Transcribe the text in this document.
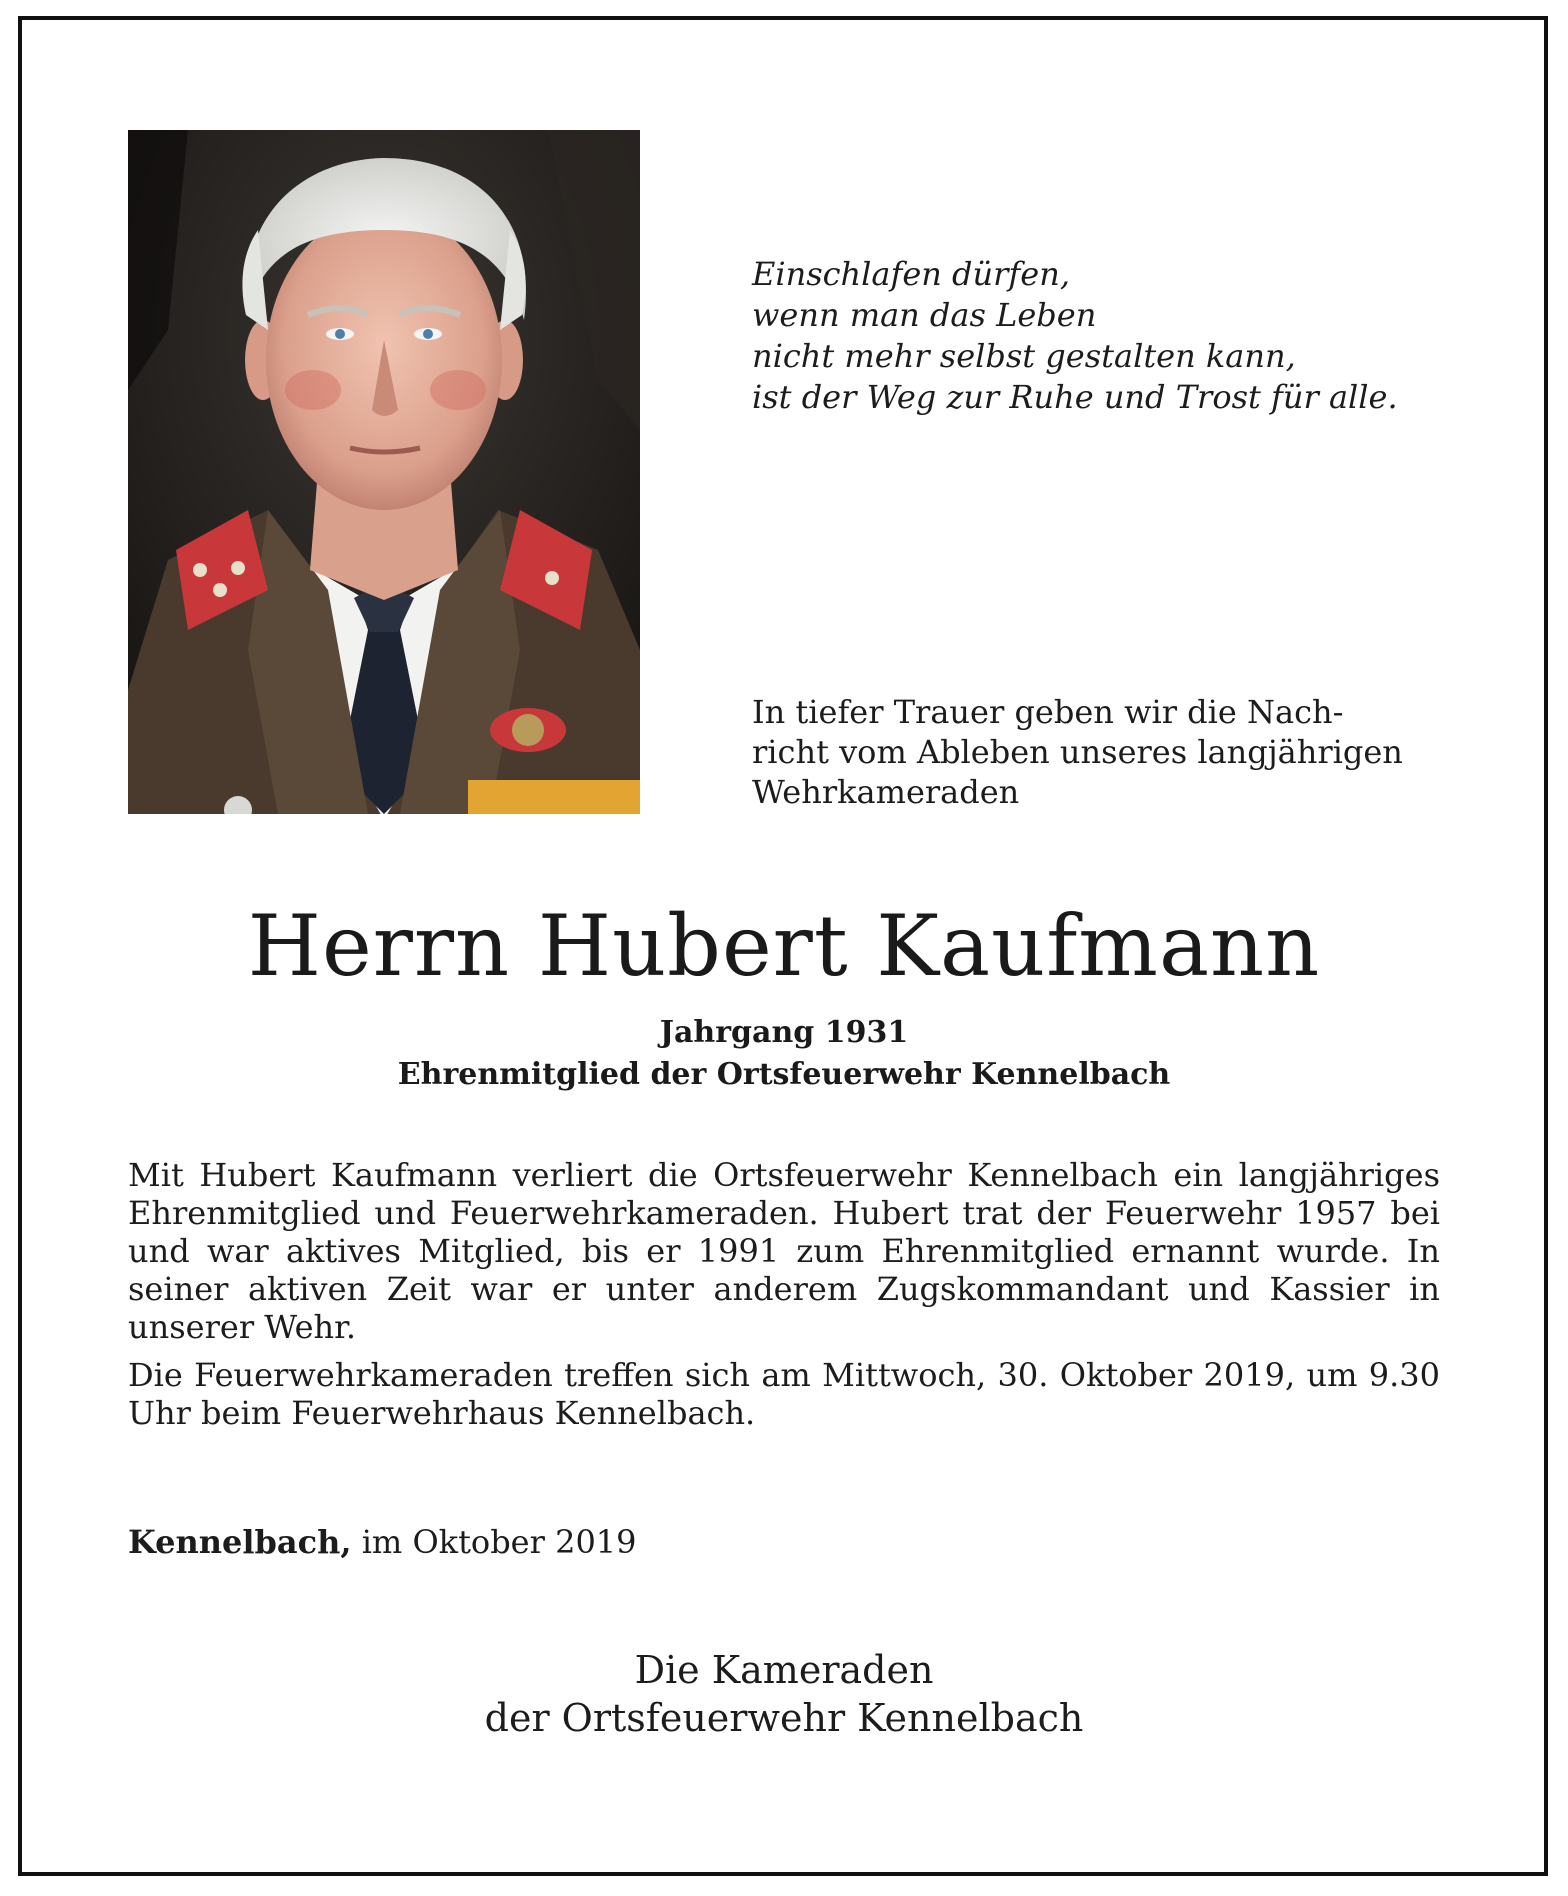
Einschlafen dürfen,
wenn man das Leben
nicht mehr selbst gestalten kann,
ist der Weg zur Ruhe und Trost für alle.
In tiefer Trauer geben wir die Nach-
richt vom Ableben unseres langjährigen
Wehrkameraden
Herrn Hubert Kaufmann
Jahrgang 1931
Ehrenmitglied der Ortsfeuerwehr Kennelbach

Mit Hubert Kaufmann verliert die Ortsfeuerwehr Kennelbach ein langjähriges Ehrenmitglied und Feuerwehrkameraden. Hubert trat der Feuerwehr 1957 bei und war aktives Mitglied, bis er 1991 zum Ehrenmitglied ernannt wurde. In seiner aktiven Zeit war er unter anderem Zugskommandant und Kassier in unserer Wehr.

Die Feuerwehrkameraden treffen sich am Mittwoch, 30. Oktober 2019, um 9.30 Uhr beim Feuerwehrhaus Kennelbach.

Kennelbach, im Oktober 2019
Die Kameraden
der Ortsfeuerwehr Kennelbach
